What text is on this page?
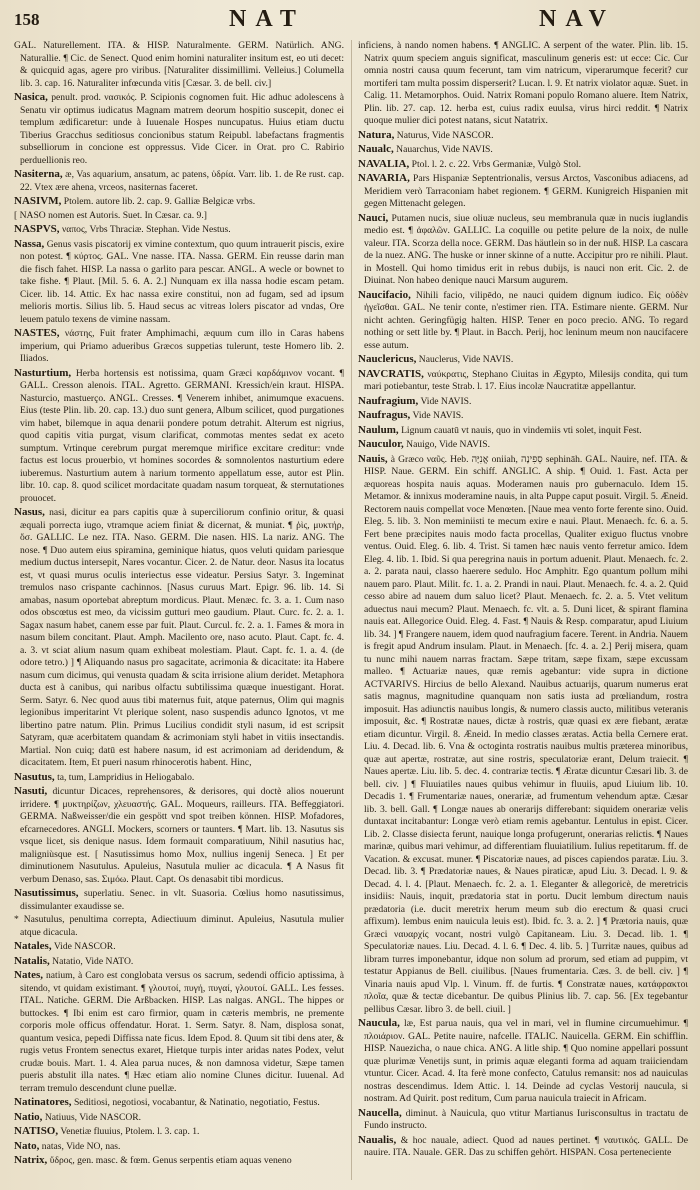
158	NAT	NAV
GAL. Naturellement. ITA. & HISP. Naturalmente. GERM. Natürlich. ANG. Naturallie. ¶ Cic. de Senect. Quod enim homini naturaliter insitum est, eo uti decet: & quicquid agas, agere pro viribus. [Naturaliter dissimillimi. Velleius.] Columella lib. 3. cap. 16. Naturaliter infœcunda vitis [Cæsar. 3. de bell. civ.]
Nasica, penult. prod. νασικός. P. Scipionis cognomen fuit. Hic adhuc adolescens à Senatu vir optimus iudicatus Magnam matrem deorum hospitio suscepit, donec ei templum ædificaretur: unde à Iuuenale Hospes nuncupatus. Huius etiam ductu Tiberius Gracchus seditiosus concionibus statum Reipubl. labefactans fragmentis subselliorum in concione est oppressus. Vide Cicer. in Orat. pro C. Rabirio perduellionis reo.
Nasiterna, æ, Vas aquarium, ansatum, ac patens, ὑδρία. Varr. lib. 1. de Re rust. cap. 22. Vtex ære ahena, vrceos, nasiternas faceret.
NASIVM, Ptolem. autore lib. 2. cap. 9. Galliæ Belgicæ vrbs.
[ NASO nomen est Autoris. Suet. In Cæsar. ca. 9.]
NASPVS, ναπος, Vrbs Thraciæ. Stephan. Vide Nestus.
Nassa, Genus vasis piscatorij ex vimine contextum, quo quum intrauerit piscis, exire non potest. ¶ κύρτος. GAL. Vne nasse. ITA. Nassa. GERM. Ein reusse darin man die fisch fahet. HISP. La nassa o garlito para pescar. ANGL. A wecle or bownet to take fishe. ¶ Plaut. [Mil. 5. 6. A. 2.] Nunquam ex illa nassa hodie escam petam. Cicer. lib. 14. Attic. Ex hac nassa exire constitui, non ad fugam, sed ad ipsum melioris mortis. Silius lib. 5. Haud secus ac vitreas lolers piscator ad vndas, Ore leuem patulo texens de vimine nassam.
NASTES, νάστης, Fuit frater Amphimachi, æquum cum illo in Caras habens imperium, qui Priamo adueribus Græcos suppetias tulerunt, teste Homero lib. 2. Iliados.
Nasturtium, Herba hortensis est notissima, quam Græci καρδάμινον vocant. ¶ GALL. Cresson alenois. ITAL. Agretto. GERMANI. Kressich/ein kraut. HISPA. Nasturcio, mastuerço. ANGL. Cresses. ¶ Venerem inhibet, animumque exacuens. Eius (teste Plin. lib. 20. cap. 13.) duo sunt genera, Album scilicet, quod purgationes vim habet, bilemque in aqua denarii pondere potum detrahit. Alterum est nigrius, quod capitis vitia purgat, visum clarificat, commotas mentes sedat ex aceto sumptum. Vrtinque cerebrum purgat meremque mirifice excitare creditur: vnde factus est locus prouerbio, vt homines socordes & somnolentos nasturtium edere iuberemus. Nasturtium autem à narium tormento appellatum esse, autor est Plin. libr. 10. cap. 8. quod scilicet mordacitate quadam nasum torqueat, & sternutationes prouocet.
Nasus, nasi, dicitur ea pars capitis quæ à superciliorum confinio oritur, & quasi æquali porrecta iugo, vtramque aciem finiat & dicernat, & muniat. ¶ ῥὶς, μυκτήρ, ὄσ. GALLIC. Le nez. ITA. Naso. GERM. Die nasen. HIS. La nariz. ANG. The nose. ¶ Duo autem eius spiramina, geminique hiatus, quos veluti quidam pariesque medium ductus intersepit, Nares vocantur. Cicer. 2. de Natur. deor. Nasus ita locatus est, vt quasi murus oculis interiectus esse videatur. Persius Satyr. 3. Ingeminat tremulos naso crispante cachinnos. [Nasus curuus Mart. Epigr. 96. lib. 14. Si amabas, nasum oportebat abreptum mordicus. Plaut. Menæc. fc. 3. a. 1. Cum naso odos obscœtus est meo, da vicissim gutturi meo gaudium. Plaut. Curc. fc. 2. a. 1. Sagax nasum habet, canem esse par fuit. Plaut. Curcul. fc. 2. a. 1. Fames & mora in nasum bilem concitant. Plaut. Amph. Macilento ore, naso acuto. Plaut. Capt. fc. 4. a. 3. vt sciat alium nasum quam exhibeat molestiam. Plaut. Capt. fc. 1. a. 4. (de odore tetro.) ] ¶ Aliquando nasus pro sagacitate, acrimonia & dicacitate: ita Habere nasum cum dicimus, qui venusta quadam & scita irrisione alium deridet. Metaphora ducta est à canibus, qui naribus olfactu subtilissima quæque inuestigant. Horat. Serm. Satyr. 6. Nec quod auus tibi maternus fuit, atque paternus, Olim qui magnis legionibus imperitarint Vt plerique solent, naso suspendis adunco Ignotos, vt me libertino patre natum. Plin. Primus Lucilius condidit styli nasum, id est scripsit Satyram, quæ acerbitatem quandam & acrimoniam styli habet in vitiis insectandis. Martial. Non cuiq; datū est habere nasum, id est acrimoniam ad deridendum, & dicacitatem. Item, Et pueri nasum rhinocerotis habent. Hinc,
Nasutus, ta, tum, Lampridius in Heliogabalo.
Nasuti, dicuntur Dicaces, reprehensores, & derisores, qui doctè alios nouerunt irridere. ¶ μυκτηρίζων, χλευαστής. GAL. Moqueurs, railleurs. ITA. Beffeggiatori. GERMA. Naßweisser/die ein gespött vnd spot treiben können. HISP. Mofadores, efcarnecedores. ANGLI. Mockers, scorners or taunters. ¶ Mart. lib. 13. Nasutus sis vsque licet, sis denique nasus. Idem formauit comparatiuum, Nihil nasutius hac, maligniùsque est. [ Nasutissimus homo Mox, nullius ingenij Seneca. ] Et per diminutionem Nasutulus. Apuleius, Nasutula mulier ac dicacula. ¶ A Nasus fit verbum Denaso, sas. Σιμόω. Plaut. Capt. Os denasabit tibi mordicus.
Nasutissimus, superlatiu. Senec. in vlt. Suasoria. Cœlius homo nasutissimus, dissimulanter exaudisse se.
* Nasutulus, penultima correpta, Adiectiuum diminut. Apuleius, Nasutula mulier atque dicacula.
Natales, Vide NASCOR.
Natalis, Natatio, Vide NATO.
Nates, natium, à Caro est conglobata versus os sacrum, sedendi officio aptissima, à sitendo, vt quidam existimant. ¶ γλουτοί, πυγή, πυγαί, γλουτοί. GALL. Les fesses. ITAL. Natiche. GERM. Die Arßbacken. HISP. Las nalgas. ANGL. The hippes or buttockes. ¶ Ibi enim est caro firmior, quam in cæteris membris, ne premente corporis mole officus offendatur. Horat. 1. Serm. Satyr. 8. Nam, displosa sonat, quantum vesica, pepedi Diffissa nate ficus. Idem Epod. 8. Quum sit tibi dens ater, & rugis vetus Frontem senectus exaret, Hietque turpis inter aridas nates Podex, velut crudæ bouis. Mart. 1. 4. Alea parua nuces, & non damnosa videtur, Sæpe tamen pueris abstulit illa nates. ¶ Hæc etiam alio nomine Clunes dicitur. Iuuenal. Ad terram tremulo descendunt clune puellæ.
Natinatores, Seditiosi, negotiosi, vocabantur, & Natinatio, negotiatio, Festus.
Natio, Natiuus, Vide NASCOR.
NATISO, Venetiæ fluuius, Ptolem. l. 3. cap. 1.
Nato, natas, Vide NO, nas.
Natrix, ὕδρος, gen. masc. & fœm. Genus serpentis etiam aquas veneno
inficiens, à nando nomen habens. ¶ ANGLIC. A serpent of the water. Plin. lib. 15. Natrix quum speciem anguis significat, masculinum generis est: ut ecce: Cic. Cur omnia nostri causa quum fecerunt, tam vim natricum, viperarumque fecerit? cur mortiferi tam multa possim disperserit? Lucan. l. 9. Et natrix violator aquæ. Suet. in Calig. 11. Metamorphos. Ouid. Natrix Romani populo Romano aluere. Item Natrix, Plin. lib. 27. cap. 12. herba est, cuius radix euulsa, virus hirci reddit. ¶ Natrix quoque mulier dici potest natans, sicut Natatrix.
Natura, Naturus, Vide NASCOR.
Naualc, Nauarchus, Vide NAVIS.
NAVALIA, Ptol. l. 2. c. 22. Vrbs Germaniæ, Vulgò Stol.
NAVARIA, Pars Hispaniæ Septentrionalis, versus Arctos, Vasconibus adiacens, ad Meridiem verò Tarraconiam habet regionem. ¶ GERM. Kunigreich Hispanien mit gegen Mittenacht gelegen.
Nauci, Putamen nucis, siue oliuæ nucleus, seu membranula quæ in nucis iuglandis medio est. ¶ ἀφαλῶν. GALLIC. La coquille ou petite pelure de la noix, de nulle valeur. ITA. Scorza della noce. GERM. Das häutlein so in der nuß. HISP. La cascara de la nuez. ANG. The huske or inner skinne of a nutte. Accipitur pro re nihili. Plaut. in Mostell. Qui homo timidus erit in rebus dubijs, is nauci non erit. Cic. 2. de Diuinat. Non habeo denique nauci Marsum augurem.
Naucifacio, Nihili facio, vilipēdo, ne nauci quidem dignum iudico. Εἰς οὐδὲν ἡγεῖσθαι. GAL. Ne tenir conte, n'estimer rien. ITA. Estimare niente. GERM. Nur nicht achten. Geringfügig halten. HISP. Tener en poco precio. ANG. To regard nothing or sett litle by. ¶ Plaut. in Bacch. Perij, hoc leninum meum non naucifacere esse autum.
Nauclericus, Nauclerus, Vide NAVIS.
NAVCRATIS, ναύκρατις, Stephano Ciuitas in Ægypto, Milesijs condita, qui tum mari potiebantur, teste Strab. l. 17. Eius incolæ Naucratitæ appellantur.
Naufragium, Vide NAVIS.
Naufragus, Vide NAVIS.
Naulum, Lignum cauatū vt nauis, quo in vindemiis vti solet, inquit Fest.
Nauculor, Nauigo, Vide NAVIS.
Nauis, à Græco ναῦς. Heb. אֳנִיָּה oniiah, סְפִינָה sephināh. GAL. Nauire, nef. ITA. & HISP. Naue. GERM. Ein schiff. ANGLIC. A ship. ¶ Ouid. 1. Fast. Acta per æquoreas hospita nauis aquas. Moderamen nauis pro gubernaculo. Idem 15. Metamor. & innixus moderamine nauis, in alta Puppe caput posuit. Virgil. 5. Æneid. Rectorem nauis compellat voce Menœten. [Naue mea vento forte ferente sino. Ouid. Eleg. 5. lib. 3. Non meminiisti te mecum exire e naui. Plaut. Menaech. fc. 6. a. 5. Fert bene præcipites nauis modo facta procellas, Qualiter exiguo fluctus vnobre ventus. Ouid. Eleg. 6. lib. 4. Trist. Si tamen hæc nauis vento ferretur amico. Idem Eleg. 4. lib. 1. Ibid. Si qua peregrina nauis in portum aduenit. Plaut. Menaech. fc. 2. a. 2. parata naui, classo haerere sedulo. Hoc Amphitr. Ego quantum pollum mihi nauem paro. Plaut. Milit. fc. 1. a. 2. Prandi in naui. Plaut. Menaech. fc. 4. a. 2. Quid cesso abire ad nauem dum saluo licet? Plaut. Menaech. fc. 2. a. 5. Vtet velitum aduectus naui mecum? Plaut. Menaech. fc. vlt. a. 5. Duni licet, & spirant flamina nauis eat. Allegorice Ouid. Eleg. 4. Fast. ¶ Nauis & Resp. comparatur, apud Liuium lib. 34. ] ¶ Frangere nauem, idem quod naufragium facere. Terent. in Andria. Nauem is fregit apud Andrum insulam. Plaut. in Menaech. [fc. 4. a. 2.] Perij misera, quam tu nunc mihi nauem narras fractam. Sæpe tritam, sæpe fixam, sæpe excussam malleo. ¶ Actuariæ naues, quæ remis agebantur: vide supra in dictione ACTVARIVS. Hircius de bello Alexand. Nauibus actuarijs, quarum numerus erat satis magnus, magnitudine quanquam non satis iusta ad prœliandum, rostra imposuit. Has adiunctis nauibus longis, & numero classis aucto, militibus veteranis imposuit, &c. ¶ Rostratæ naues, dictæ à rostris, quæ quasi ex ære fiebant, æratæ etiam dicuntur. Virgil. 8. Æneid. In medio classes æratas. Actia bella Cernere erat. Liu. 4. Decad. lib. 6. Vna & octoginta rostratis nauibus multis præterea minoribus, quæ aut apertæ, rostratæ, aut sine rostris, speculatoriæ erant, Delum traiecit. ¶ Naues apertæ. Liu. lib. 5. dec. 4. contrariæ tectis. ¶ Æratæ dicuntur Cæsari lib. 3. de bell. civ. ] ¶ Fluuiatiles naues quibus vehimur in fluuiis, apud Liuium lib. 10. Decadis 1. ¶ Frumentariæ naues, onerariæ, ad frumentum vehendum aptæ. Cæsar lib. 3. bell. Gall. ¶ Longæ naues ab onerarijs differebant: siquidem onerariæ velis duntaxat incitabantur: Longæ verò etiam remis agebantur. Lentulus in epist. Cicer. Lib. 2. Classe disiecta ferunt, nauique longa profugerunt, onerarias relictis. ¶ Naues marinæ, quibus mari vehimur, ad differentiam fluuiatilium. Iulius repetitarum. ff. de Vacation. & excusat. muner. ¶ Piscatoriæ naues, ad pisces capiendos paratæ. Liu. 3. Decad. lib. 3. ¶ Prædatoriæ naues, & Naues piraticæ, apud Liu. 3. Decad. l. 9. & Decad. 4. l. 4. [Plaut. Menaech. fc. 2. a. 1. Eleganter & allegoricè, de meretricis insidiis: Nauis, inquit, prædatoria stat in portu. Ducit lembum directum nauis prædatoria (i.e. ducit meretrix herum meum sub dio erectum & quasi cruci affixum). lembus enim nauicula leuis est). Ibid. fc. 3. a. 2. ] ¶ Prætoria nauis, quæ Græci ναυαρχίς vocant, nostri vulgò Capitaneam. Liu. 3. Decad. lib. 1. ¶ Speculatoriæ naues. Liu. Decad. 4. l. 6. ¶ Dec. 4. lib. 5. ] Turritæ naues, quibus ad libram turres imponebantur, idque non solum ad prorum, sed etiam ad puppim, vt testatur Appianus de Bell. ciuilibus. [Naues frumentaria. Cæs. 3. de bell. civ. ] ¶ Vinaria nauis apud Vlp. l. Vinum. ff. de furtis. ¶ Constratæ naues, κατάφρακτοι πλοῖα, quæ & tectæ dicebantur. De quibus Plinius lib. 7. cap. 56. [Ex tegebantur pellibus Cæsar. libro 3. de bell. ciuil. ]
Naucula, læ, Est parua nauis, qua vel in mari, vel in flumine circumuehimur. ¶ πλοιάριον. GAL. Petite nauire, nafcelle. ITALIC. Nauicella. GERM. Ein schifflin. HISP. Nauezicha, o naue chica. ANG. A litle ship. ¶ Quo nomine appellari possunt quæ plurimæ Venetijs sunt, in primis aquæ eleganti forma ad aquam traiiciendam vtuntur. Cicer. Acad. 4. Ita ferè mone confecto, Catulus remansit: nos ad nauiculas nostras descendimus. Idem Attic. l. 14. Deinde ad cyclas Vestorij naucula, si nostram. Ad Quirit. post reditum, Cum parua nauicula traiecit in Africam.
Naucella, diminut. à Nauicula, quo vtitur Martianus Iurisconsultus in tractatu de Fundo instructo.
Naualis, & hoc nauale, adiect. Quod ad naues pertinet. ¶ ναυτικός. GALL. De nauire. ITA. Nauale. GER. Das zu schiffen gehört. HISPAN. Cosa perteneciente
